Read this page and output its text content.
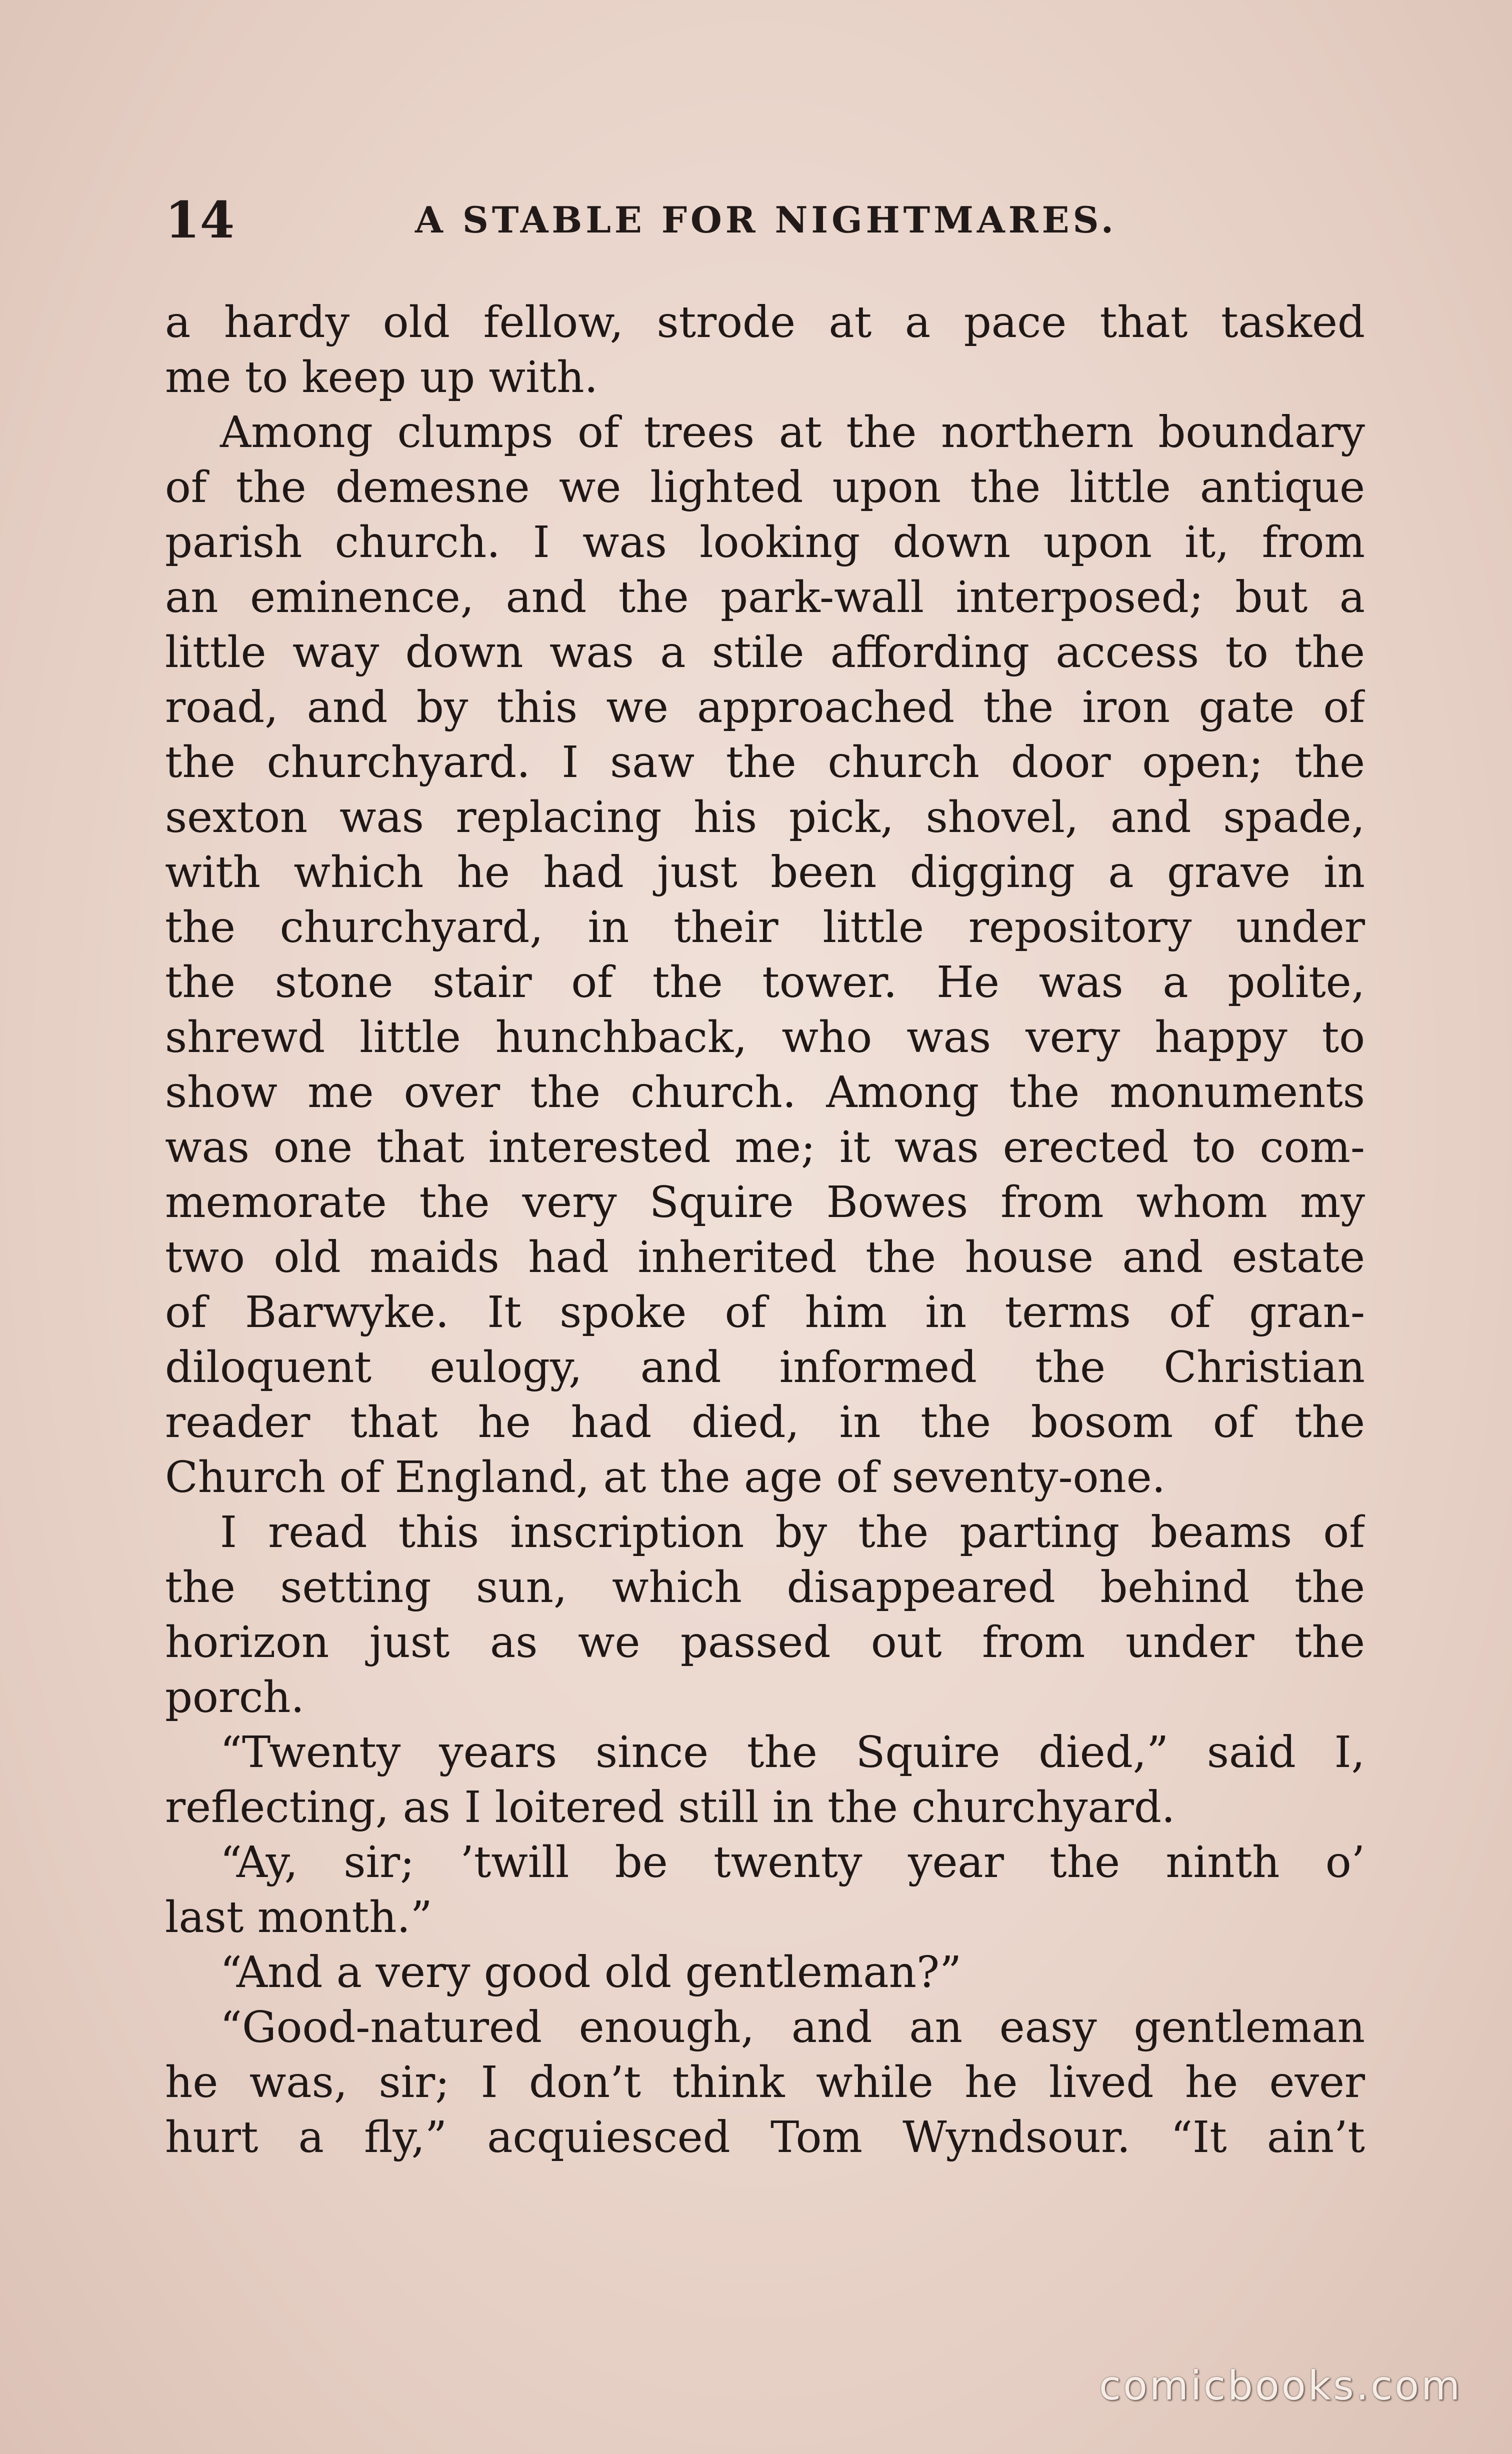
14	A STABLE FOR NIGHTMARES.
a hardy old fellow, strode at a pace that tasked
me to keep up with.
Among clumps of trees at the northern boundary
of the demesne we lighted upon the little antique
parish church. I was looking down upon it, from
an eminence, and the park-wall interposed; but a
little way down was a stile affording access to the
road, and by this we approached the iron gate of
the churchyard. I saw the church door open; the
sexton was replacing his pick, shovel, and spade,
with which he had just been digging a grave in
the churchyard, in their little repository under
the stone stair of the tower. He was a polite,
shrewd little hunchback, who was very happy to
show me over the church. Among the monuments
was one that interested me; it was erected to com-
memorate the very Squire Bowes from whom my
two old maids had inherited the house and estate
of Barwyke. It spoke of him in terms of gran-
diloquent eulogy, and informed the Christian
reader that he had died, in the bosom of the
Church of England, at the age of seventy-one.
I read this inscription by the parting beams of
the setting sun, which disappeared behind the
horizon just as we passed out from under the
porch.
“Twenty years since the Squire died,” said I,
reflecting, as I loitered still in the churchyard.
“Ay, sir; ’twill be twenty year the ninth o’
last month.”
“And a very good old gentleman?”
“Good-natured enough, and an easy gentleman
he was, sir; I don’t think while he lived he ever
hurt a fly,” acquiesced Tom Wyndsour. “It ain’t
comicbooks.com
